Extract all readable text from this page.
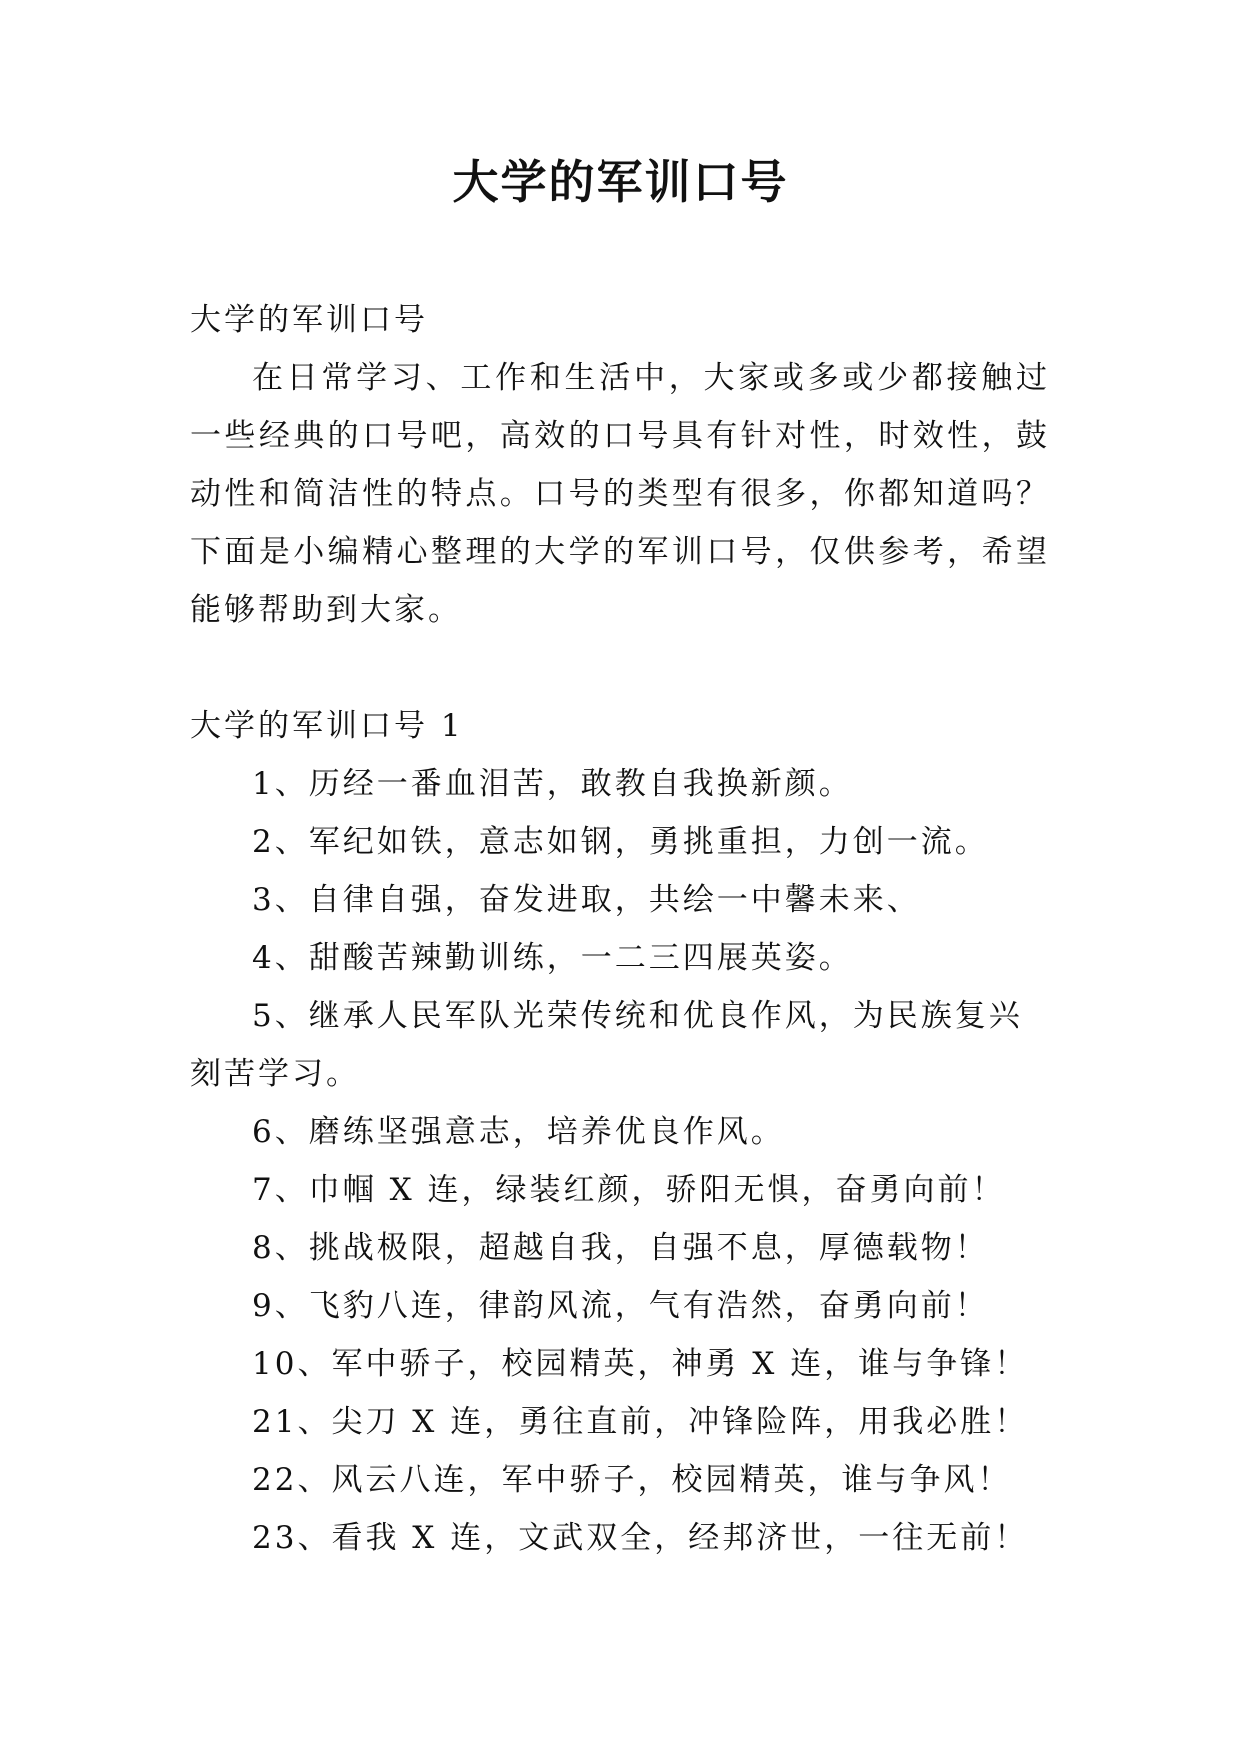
大学的军训口号

大学的军训口号

在日常学习、工作和生活中，大家或多或少都接触过一些经典的口号吧，高效的口号具有针对性，时效性，鼓动性和简洁性的特点。口号的类型有很多，你都知道吗？下面是小编精心整理的大学的军训口号，仅供参考，希望能够帮助到大家。

大学的军训口号 1

1、历经一番血泪苦，敢教自我换新颜。

2、军纪如铁，意志如钢，勇挑重担，力创一流。

3、自律自强，奋发进取，共绘一中馨未来、

4、甜酸苦辣勤训练，一二三四展英姿。

5、继承人民军队光荣传统和优良作风，为民族复兴刻苦学习。

6、磨练坚强意志，培养优良作风。

7、巾帼 X 连，绿装红颜，骄阳无惧，奋勇向前！

8、挑战极限，超越自我，自强不息，厚德载物！

9、飞豹八连，律韵风流，气有浩然，奋勇向前！

10、军中骄子，校园精英，神勇 X 连，谁与争锋！

21、尖刀 X 连，勇往直前，冲锋险阵，用我必胜！

22、风云八连，军中骄子，校园精英，谁与争风！

23、看我 X 连，文武双全，经邦济世，一往无前！
